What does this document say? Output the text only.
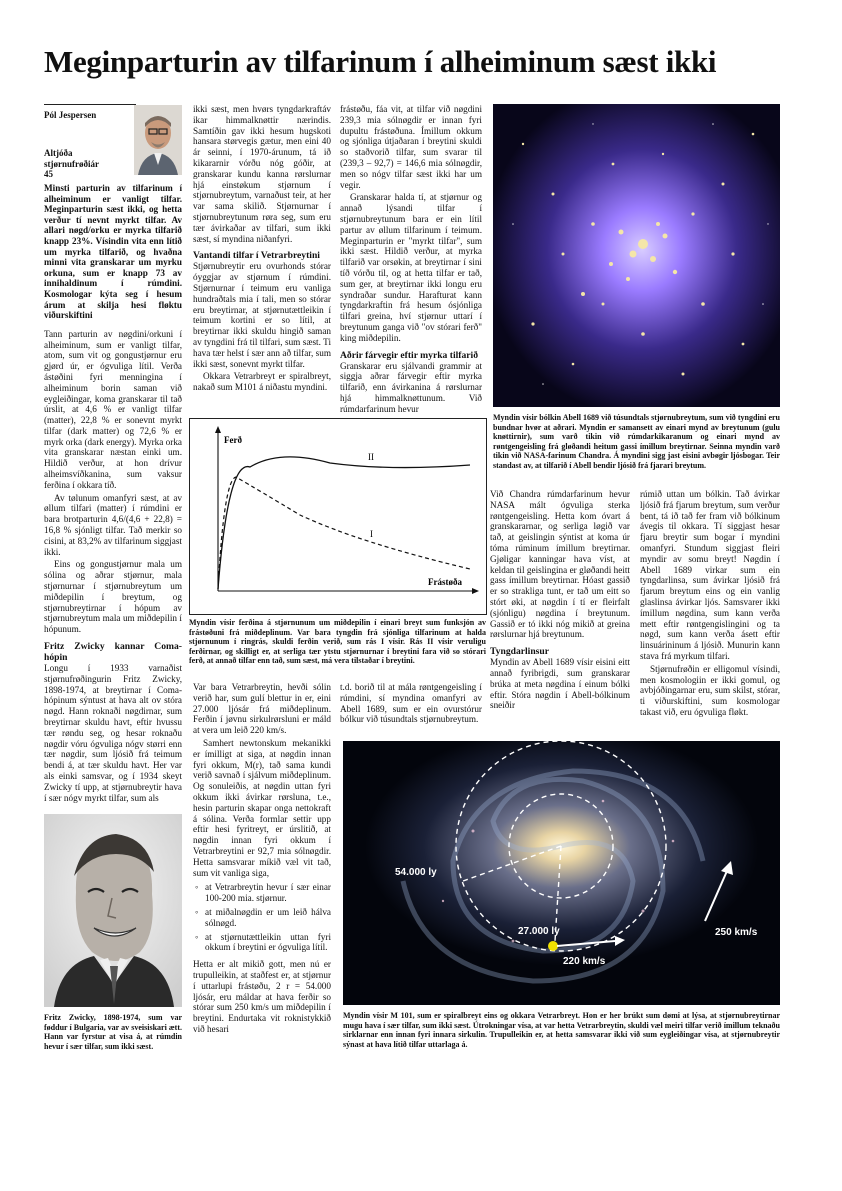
Meginparturin av tilfarinum í alheiminum sæst ikki
Pól Jespersen
Altjóða stjørnufrøðiár 45

Minsti parturin av tilfarinum í alheiminum er vanligt tilfar. Meginparturin sæst ikki, og hetta verður tí nevnt myrkt tilfar. Av allari nøgd/orku er myrka tilfarið knapp 23%. Vísindin vita enn lítið um myrka tilfarið, og hvaðna minni vita granskarar um myrku orkuna, sum er knapp 73 av innihaldinum í rúmdini. Kosmologar kýta seg í hesum árum at skilja hesi fløktu viðurskiftini

Tann parturin av nøgdini/orkuni í alheiminum, sum er vanligt tilfar, atom, sum vit og gongustjørnur eru gjørd úr, er ógvuliga lítil. Verða ástøðini fyri menningina í alheiminum borin saman við eygleiðingar, koma granskarar til tað úrslit, at 4,6 % er vanligt tilfar (matter), 22,8 % er sonevnt myrkt tilfar (dark matter) og 72,6 % er myrk orka (dark energy). Myrka orka vita granskarar næstan einki um. Hildið verður, at hon drívur alheimsvíðkanina, sum vaksur ferðina í okkara tíð.

Av tølunum omanfyri sæst, at av øllum tilfari (matter) í rúmdini er bara brotparturin 4,6/(4,6 + 22,8) = 16,8 % sjónligt tilfar. Tað merkir so cisini, at 83,2% av tilfarinum siggjast ikki.

Eins og gongustjørnur mala um sólina og aðrar stjørnur, mala stjørnurnar í stjørnubreytum um miðdepilin í breytum, og stjørnubreytirnar í hópum av stjørnubreytum mala um miðdepilin í hópunum.

Fritz Zwicky kannar Coma-hópin

Longu í 1933 varnaðist stjørnufrøðingurin Fritz Zwicky, 1898-1974, at breytirnar í Coma-hópinum sýntust at hava alt ov stóra nøgd. Hann roknaði nøgdirnar, sum breytirnar skuldu havt, eftir hvussu tær røndu seg, og hesar roknaðu nøgdir vóru ógvuliga nógv størri enn tær nøgdir, sum ljósið frá teimum bendi á, at tær skuldu havt. Her var als einki samsvar, og í 1934 skeyt Zwicky tí upp, at stjørnubreytir hava í sær nógv myrkt tilfar, sum als

Fritz Zwicky, 1898-1974, sum var føddur í Bulgaria, var av sveisiskari ætt. Hann var fyrstur at visa á, at rúmdin hevur í sær tilfar, sum ikki sæst.

ikki sæst, men hvørs tyngdarkraftáv ikar himmalknøttir nærindis. Samtíðin gav ikki hesum hugskoti hansara størvegis gætur, men eini 40 ár seinni, í 1970-árunum, tá ið kikararnir vórðu nóg góðir, at granskarar kundu kanna rørslurnar hjá einstøkum stjørnum í stjørnubreytum, varnaðust teir, at her var sama skilið. Stjørnurnar í stjørnubreytunum røra seg, sum eru tær ávirkaðar av tilfari, sum ikki sæst, sí myndina niðanfyri.

Vantandi tilfar í Vetrarbreytini

Stjørnubreytir eru ovurhonds stórar óyggjar av stjørnum í rúmdini. Stjørnurnar í teimum eru vanliga hundraðtals mia í tali, men so stórar eru breytirnar, at stjørnutættleikin í teimum kortini er so lítil, at breytirnar ikki skuldu hingið saman av tyngdini frá til tilfari, sum sæst. Ti hava tær helst í sær ann að tilfar, sum ikki sæst, sonevnt myrkt tilfar.

Okkara Vetrarbreyt er spiralbreyt, nakað sum M101 á niðastu myndini.

frástøðu, fáa vit, at tilfar við nøgdini 239,3 mia sólnøgdir er innan fyri dupultu frástøðuna. Ímillum okkum og sjónliga útjaðaran í breytini skuldi so staðvorið tilfar, sum svarar til (239,3 – 92,7) = 146,6 mia sólnøgdir, men so nógv tilfar sæst ikki har um vegir.

Granskarar halda tí, at stjørnur og annað lýsandi tilfar í stjørnubreytunum bara er ein lítil partur av øllum tilfarinum í teimum. Meginparturin er "myrkt tilfar", sum ikki sæst. Hildið verður, at myrka tilfarið var orsøkin, at breytirnar í sini tíð vórðu til, og at hetta tilfar er tað, sum ger, at breytirnar ikki longu eru syndraðar sundur. Harafturat kann tyngdarkraftin frá hesum ósjónliga tilfari greina, hví stjørnur uttarí í breytunum ganga við "ov stórari ferð" king miðdepilin.

Aðrir fárvegir eftir myrka tilfarið

Granskarar eru sjálvandi grammir at siggja aðrar fárvegir eftir myrka tilfarið, enn ávirkanina á rørslurnar hjá himmalknøttunum. Við rúmdarfarinum hevur

Ferð
Frástøða
II
I
Myndin vísir ferðina á stjørnunum um miðdepilin í einari breyt sum funksjón av frástøðuni frá miðdeplinum. Var bara tyngdin frá sjónliga tilfarinum at halda stjørnunum í ringrás, skuldi ferðin verið, sum rás I vísir. Rás II vísir veruligu ferðirnar, og skilligt er, at serliga tær ytstu stjørnurnar í breytini fara við so stórari ferð, at annað tilfar enn tað, sum sæst, má vera tilstaðar í breytini.

Var bara Vetrarbreytin, hevði sólin verið har, sum gulí blettur in er, eini 27.000 ljósár frá miðdeplinum. Ferðin í jøvnu sirkulrørsluni er máld at vera um leið 220 km/s.

Samhert newtonskum mekanikki er ímilligt at siga, at nøgdin innan fyri okkum, M(r), tað sama kundi verið savnað í sjálvum miðdeplinum. Og sonuleiðis, at nøgdin uttan fyri okkum ikki ávirkar rørsluna, t.e., hesin parturin skapar onga nettokraft á sólina. Verða formlar settir upp eftir hesi fyritreyt, er úrslitið, at nøgdin innan fyri okkum í Vetrarbreytini er 92,7 mia sólnøgdir. Hetta samsvarar míkið væl vit tað, sum vit vanliga siga,

◦ at Vetrarbreytin hevur í sær einar 100-200 mia. stjørnur.
◦ at miðalnøgdin er um leið hálva sólnøgd.
◦ at stjørnutættleikin uttan fyri okkum í breytini er ógvuliga lítil.

Hetta er alt mikið gott, men nú er trupulleikin, at staðfest er, at stjørnur í uttarlupi frástøðu, 2 r = 54.000 ljósár, eru máldar at hava ferðir so stórar sum 250 km/s um miðdepilin í breytini. Endurtaka vit roknistykkið við hesari

t.d. borið til at mála røntgengeisling í rúmdini, sí myndina omanfyri av Abell 1689, sum er ein ovurstórur bólkur við túsundtals stjørnubreytum.

Myndin vísir bólkin Abell 1689 við túsundtals stjørnubreytum, sum við tyngdini eru bundnar hvør at aðrari. Myndin er samansett av einari mynd av breytunum (gulu knøttirnir), sum varð tikin við rúmdarkikaranum og einari mynd av røntgengeisling frá gløðandi heitum gassi ímillum breytirnar. Seinna myndin varð tikin við NASA-farinum Chandra. Á myndini sigg jast eisini avbøgir ljósbogar. Teir standast av, at tilfarið í Abell bendir ljósið frá fjarari breytum.

Við Chandra rúmdarfarinum hevur NASA mált ógvuliga sterka røntgengeisling. Hetta kom óvart á granskararnar, og serliga løgið var tað, at geislingin sýntist at koma úr tóma rúminum ímillum breytirnar. Gjøligar kanningar hava víst, at keldan til geislingina er gløðandi heitt gass ímillum breytirnar. Hóast gassið er so strakliga tunt, er tað um eitt so stórt øki, at nøgdin í tí er fleirfalt (sjónligu) nøgdina í breytunum. Gassið er tó ikki nóg mikið at greina rørslurnar hjá breytunum.

Tyngdarlinsur

Myndin av Abell 1689 vísir eisini eitt annað fyribrigdi, sum granskarar brúka at meta nøgdina í einum bólki eftir. Stóra nøgdin í Abell-bólkinum sneiðir

rúmið uttan um bólkin. Tað ávirkar ljósið frá fjarum breytum, sum verður bent, tá ið tað fer fram við bólkinum ávegis til okkara. Tí siggjast hesar fjaru breytir sum bogar í myndini omanfyri. Stundum siggjast fleiri myndir av somu breyt! Nøgdin í Abell 1689 virkar sum ein tyngdarlinsa, sum ávirkar ljósið frá fjarum breytum eins og ein vanlig glaslinsa ávirkar ljós. Samsvarer ikki ímillum nøgdina, sum kann verða mett eftir røntgengislingini og ta nøgd, sum kann verða ásett eftir linsuárininum á ljósið. Munurin kann stava frá myrkum tilfari.

Stjørnufrøðin er elligomul vísindi, men kosmologiin er ikki gomul, og avbjóðingarnar eru, sum skilst, stórar, ti viðurskiftini, sum kosmologar takast við, eru ógvuliga fløkt.

54.000 ly
27.000 ly
220 km/s
250 km/s
Myndin vísir M 101, sum er spiralbreyt eins og okkara Vetrarbreyt. Hon er her brúkt sum dømi at lýsa, at stjørnubreytirnar mugu hava í sær tilfar, sum ikki sæst. Útrokningar vísa, at var hetta Vetrarbreytin, skuldi væl meiri tilfar verið ímillum teknaðu sirklarnar enn innan fyri innara sirkulin. Trupulleikin er, at hetta samsvarar ikki við sum eygleiðingar vísa, at stjørnubreytir sýnast at hava lítið tilfar uttarlaga á.
